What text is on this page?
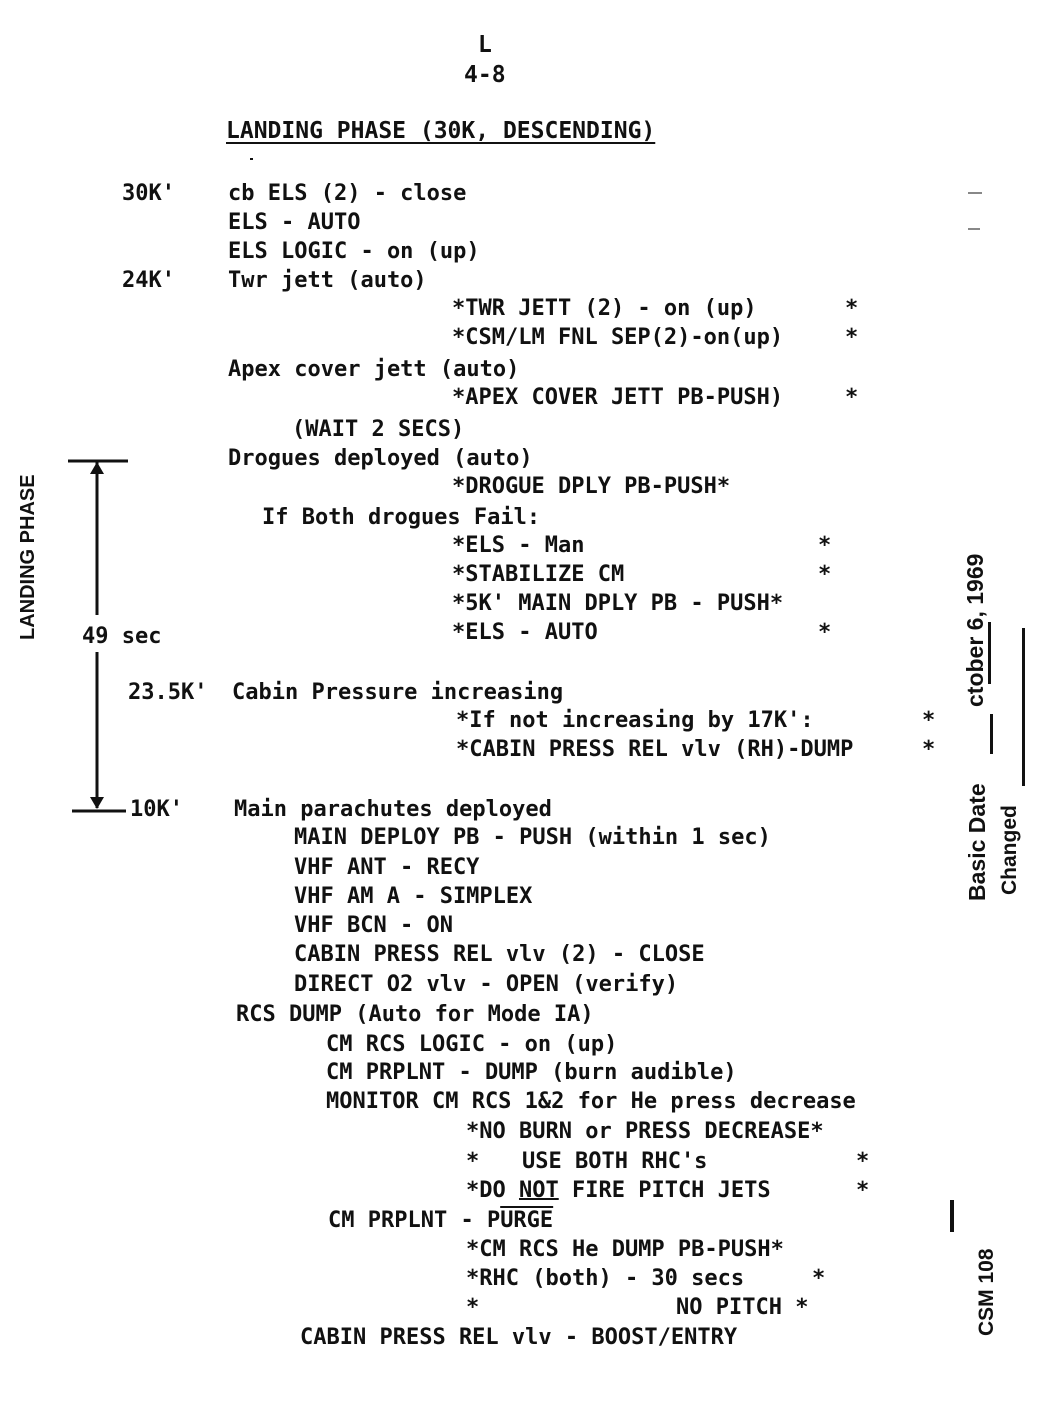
L
4-8
LANDING PHASE (30K, DESCENDING)
LANDING PHASE 49 sec	ctober 6, 1969
Basic Date Changed
CSM 108
30K' cb ELS (2) - close
ELS - AUTO
ELS LOGIC - on (up)
24K' Twr jett (auto)
*TWR JETT (2) - on (up)	*
*CSM/LM FNL SEP(2)-on(up)	*
Apex cover jett (auto)
*APEX COVER JETT PB-PUSH)	*
(WAIT 2 SECS)
Drogues deployed (auto)
*DROGUE DPLY PB-PUSH*
If Both drogues Fail:
*ELS - Man	*
*STABILIZE CM	*
*5K' MAIN DPLY PB - PUSH*
*ELS - AUTO	*
23.5K' Cabin Pressure increasing
*If not increasing by 17K':	*
*CABIN PRESS REL vlv (RH)-DUMP	*
10K' Main parachutes deployed
MAIN DEPLOY PB - PUSH (within 1 sec)
VHF ANT - RECY
VHF AM A - SIMPLEX
VHF BCN - ON
CABIN PRESS REL vlv (2) - CLOSE
DIRECT O2 vlv - OPEN (verify)
RCS DUMP (Auto for Mode IA)
CM RCS LOGIC - on (up)
CM PRPLNT - DUMP (burn audible)
MONITOR CM RCS 1&2 for He press decrease
*NO BURN or PRESS DECREASE*
* USE BOTH RHC's	*
*DO NOT FIRE PITCH JETS	*
CM PRPLNT - PURGE
*CM RCS He DUMP PB-PUSH*
*RHC (both) - 30 secs	*
*	NO PITCH *
CABIN PRESS REL vlv - BOOST/ENTRY
